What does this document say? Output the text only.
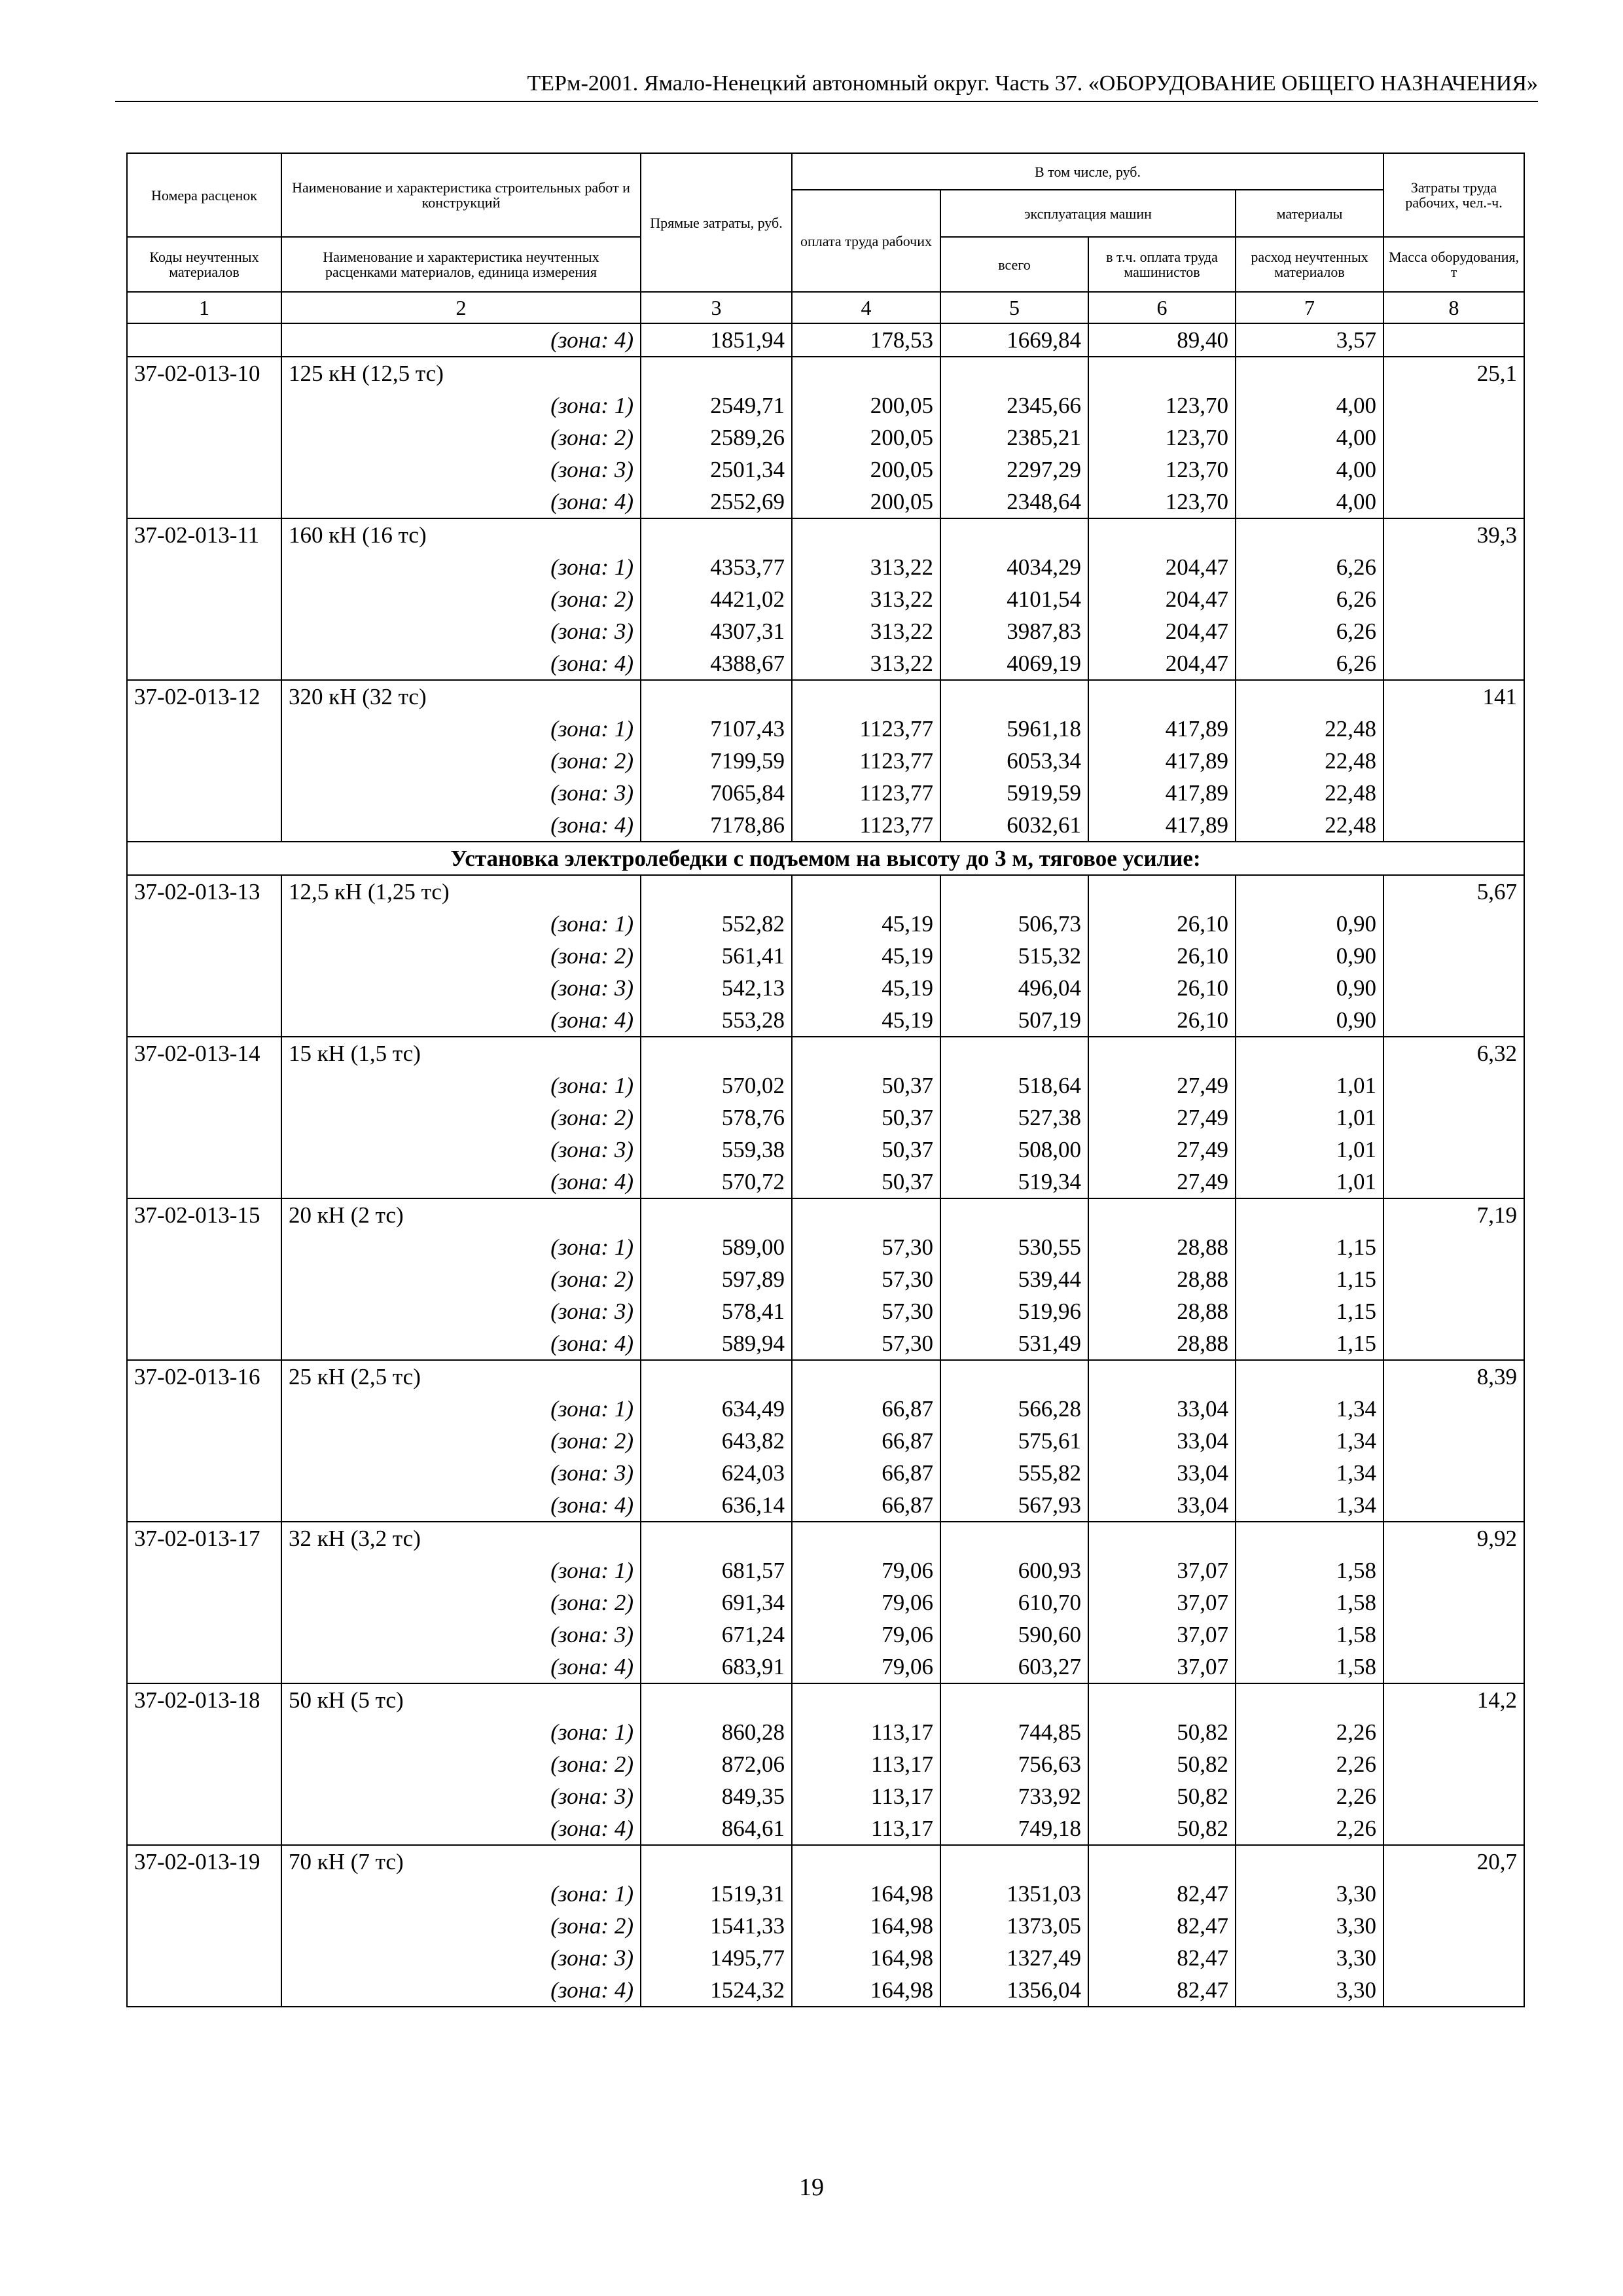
ТЕРм-2001. Ямало-Ненецкий автономный округ. Часть 37. «ОБОРУДОВАНИЕ ОБЩЕГО НАЗНАЧЕНИЯ»
Номера расценок	Наименование и характеристика строительных работ и конструкций	Прямые затраты, руб.	В том числе, руб.				Затраты труда рабочих, чел.-ч.
			оплата труда рабочих	эксплуатация машин		материалы	
Коды неучтенных материалов	Наименование и характеристика неучтенных расценками материалов, единица измерения			всего	в т.ч. оплата труда машинистов	расход неучтенных материалов	Масса оборудования, т
1	2	3	4	5	6	7	8
	(зона: 4)	1851,94	178,53	1669,84	89,40	3,57	
37-02-013-10	125 кН (12,5 тс)						25,1
	(зона: 1)	2549,71	200,05	2345,66	123,70	4,00	
	(зона: 2)	2589,26	200,05	2385,21	123,70	4,00	
	(зона: 3)	2501,34	200,05	2297,29	123,70	4,00	
	(зона: 4)	2552,69	200,05	2348,64	123,70	4,00	
37-02-013-11	160 кН (16 тс)						39,3
	(зона: 1)	4353,77	313,22	4034,29	204,47	6,26	
	(зона: 2)	4421,02	313,22	4101,54	204,47	6,26	
	(зона: 3)	4307,31	313,22	3987,83	204,47	6,26	
	(зона: 4)	4388,67	313,22	4069,19	204,47	6,26	
37-02-013-12	320 кН (32 тс)						141
	(зона: 1)	7107,43	1123,77	5961,18	417,89	22,48	
	(зона: 2)	7199,59	1123,77	6053,34	417,89	22,48	
	(зона: 3)	7065,84	1123,77	5919,59	417,89	22,48	
	(зона: 4)	7178,86	1123,77	6032,61	417,89	22,48	
Установка электролебедки с подъемом на высоту до 3 м, тяговое усилие:							
37-02-013-13	12,5 кН (1,25 тс)						5,67
	(зона: 1)	552,82	45,19	506,73	26,10	0,90	
	(зона: 2)	561,41	45,19	515,32	26,10	0,90	
	(зона: 3)	542,13	45,19	496,04	26,10	0,90	
	(зона: 4)	553,28	45,19	507,19	26,10	0,90	
37-02-013-14	15 кН (1,5 тс)						6,32
	(зона: 1)	570,02	50,37	518,64	27,49	1,01	
	(зона: 2)	578,76	50,37	527,38	27,49	1,01	
	(зона: 3)	559,38	50,37	508,00	27,49	1,01	
	(зона: 4)	570,72	50,37	519,34	27,49	1,01	
37-02-013-15	20 кН (2 тс)						7,19
	(зона: 1)	589,00	57,30	530,55	28,88	1,15	
	(зона: 2)	597,89	57,30	539,44	28,88	1,15	
	(зона: 3)	578,41	57,30	519,96	28,88	1,15	
	(зона: 4)	589,94	57,30	531,49	28,88	1,15	
37-02-013-16	25 кН (2,5 тс)						8,39
	(зона: 1)	634,49	66,87	566,28	33,04	1,34	
	(зона: 2)	643,82	66,87	575,61	33,04	1,34	
	(зона: 3)	624,03	66,87	555,82	33,04	1,34	
	(зона: 4)	636,14	66,87	567,93	33,04	1,34	
37-02-013-17	32 кН (3,2 тс)						9,92
	(зона: 1)	681,57	79,06	600,93	37,07	1,58	
	(зона: 2)	691,34	79,06	610,70	37,07	1,58	
	(зона: 3)	671,24	79,06	590,60	37,07	1,58	
	(зона: 4)	683,91	79,06	603,27	37,07	1,58	
37-02-013-18	50 кН (5 тс)						14,2
	(зона: 1)	860,28	113,17	744,85	50,82	2,26	
	(зона: 2)	872,06	113,17	756,63	50,82	2,26	
	(зона: 3)	849,35	113,17	733,92	50,82	2,26	
	(зона: 4)	864,61	113,17	749,18	50,82	2,26	
37-02-013-19	70 кН (7 тс)						20,7
	(зона: 1)	1519,31	164,98	1351,03	82,47	3,30	
	(зона: 2)	1541,33	164,98	1373,05	82,47	3,30	
	(зона: 3)	1495,77	164,98	1327,49	82,47	3,30	
	(зона: 4)	1524,32	164,98	1356,04	82,47	3,30	
19
